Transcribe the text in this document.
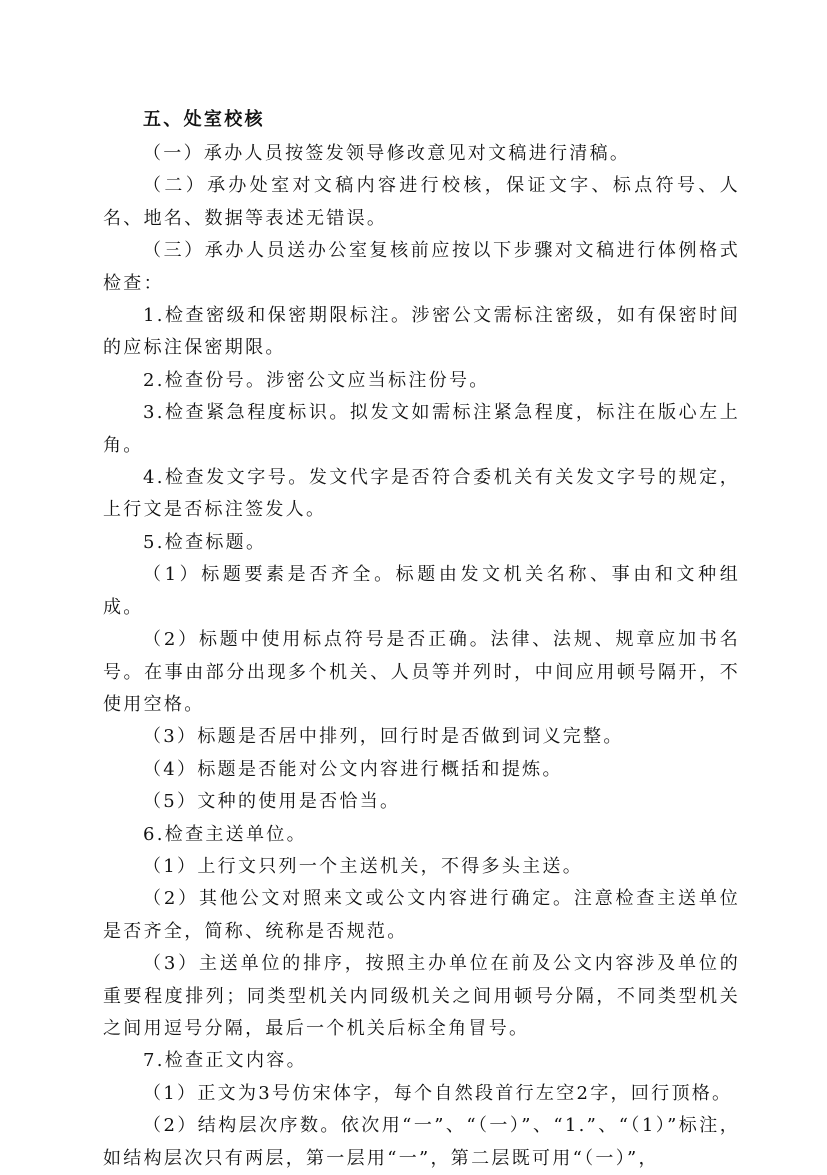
五、处室校核

（一）承办人员按签发领导修改意见对文稿进行清稿。

（二）承办处室对文稿内容进行校核，保证文字、标点符号、人名、地名、数据等表述无错误。

（三）承办人员送办公室复核前应按以下步骤对文稿进行体例格式检查：

1.检查密级和保密期限标注。涉密公文需标注密级，如有保密时间的应标注保密期限。

2.检查份号。涉密公文应当标注份号。

3.检查紧急程度标识。拟发文如需标注紧急程度，标注在版心左上角。

4.检查发文字号。发文代字是否符合委机关有关发文字号的规定，上行文是否标注签发人。

5.检查标题。

（1）标题要素是否齐全。标题由发文机关名称、事由和文种组成。

（2）标题中使用标点符号是否正确。法律、法规、规章应加书名号。在事由部分出现多个机关、人员等并列时，中间应用顿号隔开，不使用空格。

（3）标题是否居中排列，回行时是否做到词义完整。

（4）标题是否能对公文内容进行概括和提炼。

（5）文种的使用是否恰当。

6.检查主送单位。

（1）上行文只列一个主送机关，不得多头主送。

（2）其他公文对照来文或公文内容进行确定。注意检查主送单位是否齐全，简称、统称是否规范。

（3）主送单位的排序，按照主办单位在前及公文内容涉及单位的重要程度排列；同类型机关内同级机关之间用顿号分隔，不同类型机关之间用逗号分隔，最后一个机关后标全角冒号。

7.检查正文内容。

（1）正文为3号仿宋体字，每个自然段首行左空2字，回行顶格。

（2）结构层次序数。依次用“一”、“（一）”、“1.”、“（1）”标注，如结构层次只有两层，第一层用“一”，第二层既可用“（一）”，
